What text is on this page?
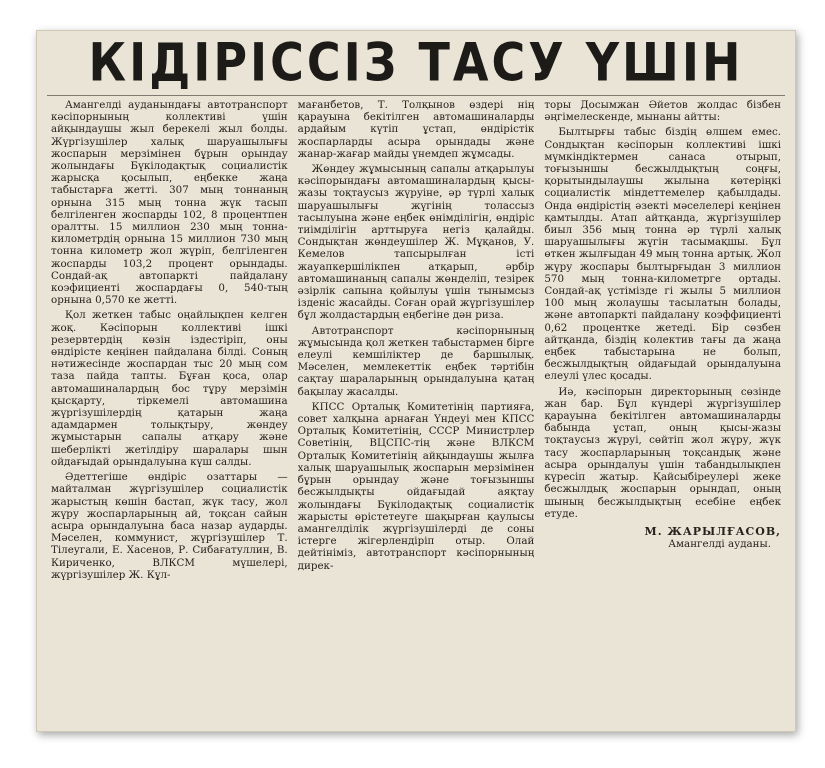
КІДІРІССІЗ ТАСУ ҮШІН

Амангелді ауданындағы автотранспорт кәсіпорнының коллективі үшін айқындаушы жыл берекелі жыл болды. Жүргізушілер халық шаруашылығы жоспарын мерзімінен бұрын орындау жолындағы Бүкілодақтық социалистік жарысқа қосылып, еңбекке жаңа табыстарға жетті. 307 мың тоннаның орнына 315 мың тонна жүк тасып белгіленген жоспарды 102, 8 процентпен оралтты. 15 миллион 230 мың тонна-километрдің орнына 15 миллион 730 мың тонна километр жол жүріп, белгіленген жоспарды 103,2 процент орындады. Сондай-ақ автопарктi пайдалану коэфициенті жоспардағы 0, 540-тың орнына 0,570 ке жетті.

Қол жеткен табыс оңайлықпен келген жоқ. Кәсіпорын коллективі ішкі резервтердің көзін іздестіріп, оны өндірісте кеңінен пайдалана білді. Соның нәтижесінде жоспардан тыс 20 мың сом таза пайда тапты. Бұған қоса, олар автомашиналардың бос тұру мерзімін қысқарту, тіркемелі автомашина жүргізушілердің қатарын жаңа адамдармен толықтыру, жөндеу жұмыстарын сапалы атқару және шеберлікті жетілдіру шаралары шын ойдағыдай орындалуына күш салды.

Әдеттегіше өндіріс озаттары — майталман жүргізушілер социалистік жарыстың көшін бастап, жүк тасу, жол жүру жоспарларының ай, тоқсан сайын асыра орындалуына баса назар аударды. Мәселен, коммунист, жүргізушілер Т. Тілеугали, Е. Хасенов, Р. Сибағатуллин, В. Кириченко, ВЛКСМ мүшелері, жүргізушілер Ж. Кұл-

мағанбетов, Т. Толқынов өздері нің қарауына бекітілген автомашиналарды ардайым күтіп ұстап, өндірістік жоспарларды асыра орындады және жанар-жағар майды үнемдеп жұмсады.

Жөндеу жұмысының сапалы атқарылуы кәсіпорындағы автомашиналардың қысы-жазы тоқтаусыз жүруіне, әр түрлі халық шаруашылығы жүгінің толассыз тасылуына және еңбек өнімділігін, өндіріс тиімділігін арттыруға негіз қалайды. Сондықтан жөндеушілер Ж. Мұқанов, У. Кемелов тапсырылған істі жауапкершілікпен атқарып, әрбір автомашинаның сапалы жөнделіп, тезірек әзірлік сапына қойылуы үшін тынымсыз ізденіс жасайды. Соған орай жүргізушілер бұл жолдастардың еңбегіне дән риза.

Автотранспорт кәсіпорнының жұмысында қол жеткен табыстармен бірге елеулі кемшіліктер де баршылық. Мәселен, мемлекеттік еңбек тәртібін сақтау шараларының орындалуына қатаң бақылау жасалды.

КПСС Орталық Комитетінің партияға, совет халқына арнаған Үндеуі мен КПСС Орталық Комитетінің, СССР Министрлер Советінің, ВЦСПС-тің және ВЛКСМ Орталық Комитетінің айқындаушы жылға халық шаруашылық жоспарын мерзімінен бұрын орындау және тоғызыншы бесжылдықты ойдағыдай аяқтау жолындағы Бүкілодақтық социалистік жарысты өрістетеуге шақырған қаулысы амангелділік жүргізушілерді де соны істерге жігерлендіріп отыр. Олай дейтініміз, автотранспорт кәсіпорнының дирек-

торы Досымжан Әйетов жолдас бізбен әңгімелескенде, мынаны айтты:

Былтырғы табыс біздің өлшем емес. Сондықтан кәсіпорын коллективі ішкі мүмкіндіктермен санаса отырып, тоғызыншы бесжылдықтың соңғы, қорытындылаушы жылына көтеріңкі социалистік міндеттемелер қабылдады. Онда өндірістің әзекті мәселелері кеңінен қамтылды. Атап айтқанда, жүргізушілер биыл 356 мың тонна әр түрлі халық шаруашылығы жүгін тасымақшы. Бұл өткен жылғыдан 49 мың тонна артық. Жол жүру жоспары былтырғыдан 3 миллион 570 мың тонна-километрге ортады. Сондай-ақ үстімізде гі жылы 5 миллион 100 мың жолаушы тасылатын болады, және автопаркті пайдалану коэффициенті 0,62 процентке жетеді. Бір сөзбен айтқанда, біздің колектив тағы да жаңа еңбек табыстарына не болып, бесжылдықтың ойдағыдай орындалуына елеулі үлес қосады.

Иә, кәсіпорын директорының сөзінде жан бар. Бұл күндері жүргізушілер қарауына бекітілген автомашиналарды бабында ұстап, оның қысы-жазы тоқтаусыз жүруі, сөйтіп жол жүру, жүк тасу жоспарларының тоқсандық және асыра орындалуы үшін табандылықпен күресіп жатыр. Қайсыбіреулері жеке бесжылдық жоспарын орындап, оның шының бесжылдықтың есебіне еңбек етуде.

М. ЖАРЫЛҒАСОВ,
Амангелді ауданы.
